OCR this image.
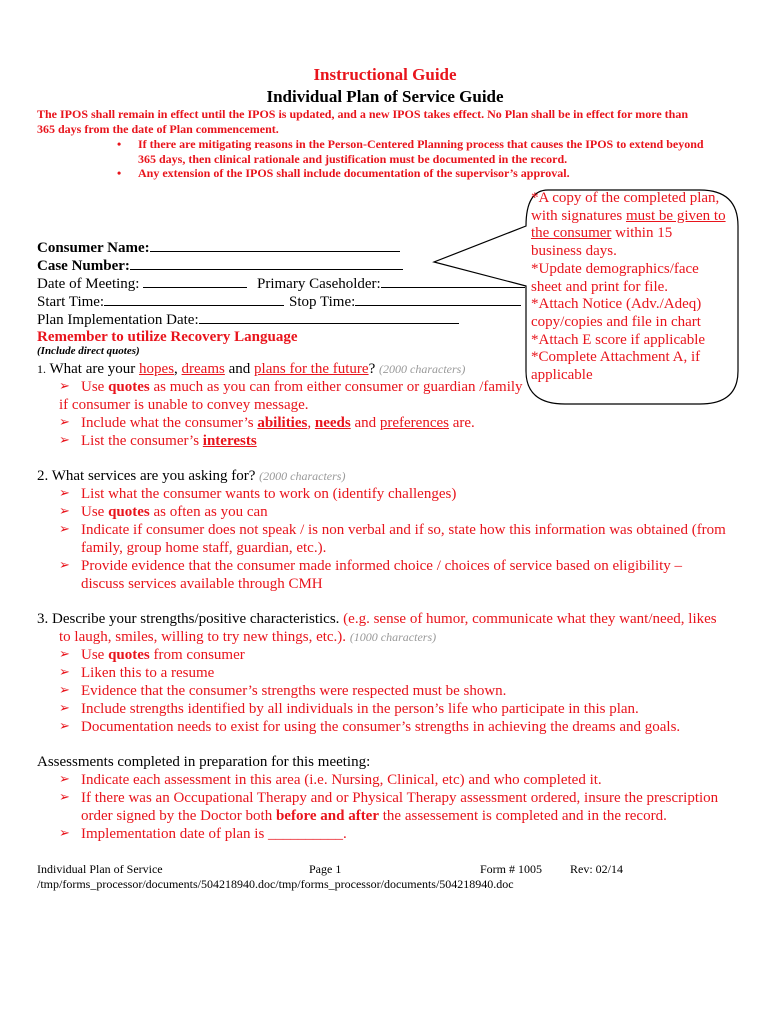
Instructional Guide
Individual Plan of Service Guide
The IPOS shall remain in effect until the IPOS is updated, and a new IPOS takes effect. No Plan shall be in effect for more than
365 days from the date of Plan commencement.
• If there are mitigating reasons in the Person-Centered Planning process that causes the IPOS to extend beyond
365 days, then clinical rationale and justification must be documented in the record.
• Any extension of the IPOS shall include documentation of the supervisor’s approval.
*A copy of the completed plan,
with signatures must be given to
the consumer within 15
business days.
*Update demographics/face
sheet and print for file.
*Attach Notice (Adv./Adeq)
copy/copies and file in chart
*Attach E score if applicable
*Complete Attachment A, if
applicable
Consumer Name:
Case Number:
Date of Meeting:	Primary Caseholder:
Start Time:	Stop Time:
Plan Implementation Date:
Remember to utilize Recovery Language
(Include direct quotes)
1. What are your hopes, dreams and plans for the future? (2000 characters)
➢ Use quotes as much as you can from either consumer or guardian /family
if consumer is unable to convey message.
➢ Include what the consumer’s abilities, needs and preferences are.
➢ List the consumer’s interests
2. What services are you asking for? (2000 characters)
➢ List what the consumer wants to work on (identify challenges)
➢ Use quotes as often as you can
➢ Indicate if consumer does not speak / is non verbal and if so, state how this information was obtained (from
family, group home staff, guardian, etc.).
➢ Provide evidence that the consumer made informed choice / choices of service based on eligibility –
discuss services available through CMH
3. Describe your strengths/positive characteristics. (e.g. sense of humor, communicate what they want/need, likes
to laugh, smiles, willing to try new things, etc.). (1000 characters)
➢ Use quotes from consumer
➢ Liken this to a resume
➢ Evidence that the consumer’s strengths were respected must be shown.
➢ Include strengths identified by all individuals in the person’s life who participate in this plan.
➢ Documentation needs to exist for using the consumer’s strengths in achieving the dreams and goals.
Assessments completed in preparation for this meeting:
➢ Indicate each assessment in this area (i.e. Nursing, Clinical, etc) and who completed it.
➢ If there was an Occupational Therapy and or Physical Therapy assessment ordered, insure the prescription
order signed by the Doctor both before and after the assessement is completed and in the record.
➢ Implementation date of plan is __________.
Individual Plan of Service	Page 1	Form # 1005 Rev: 02/14
/tmp/forms_processor/documents/504218940.doc/tmp/forms_processor/documents/504218940.doc
